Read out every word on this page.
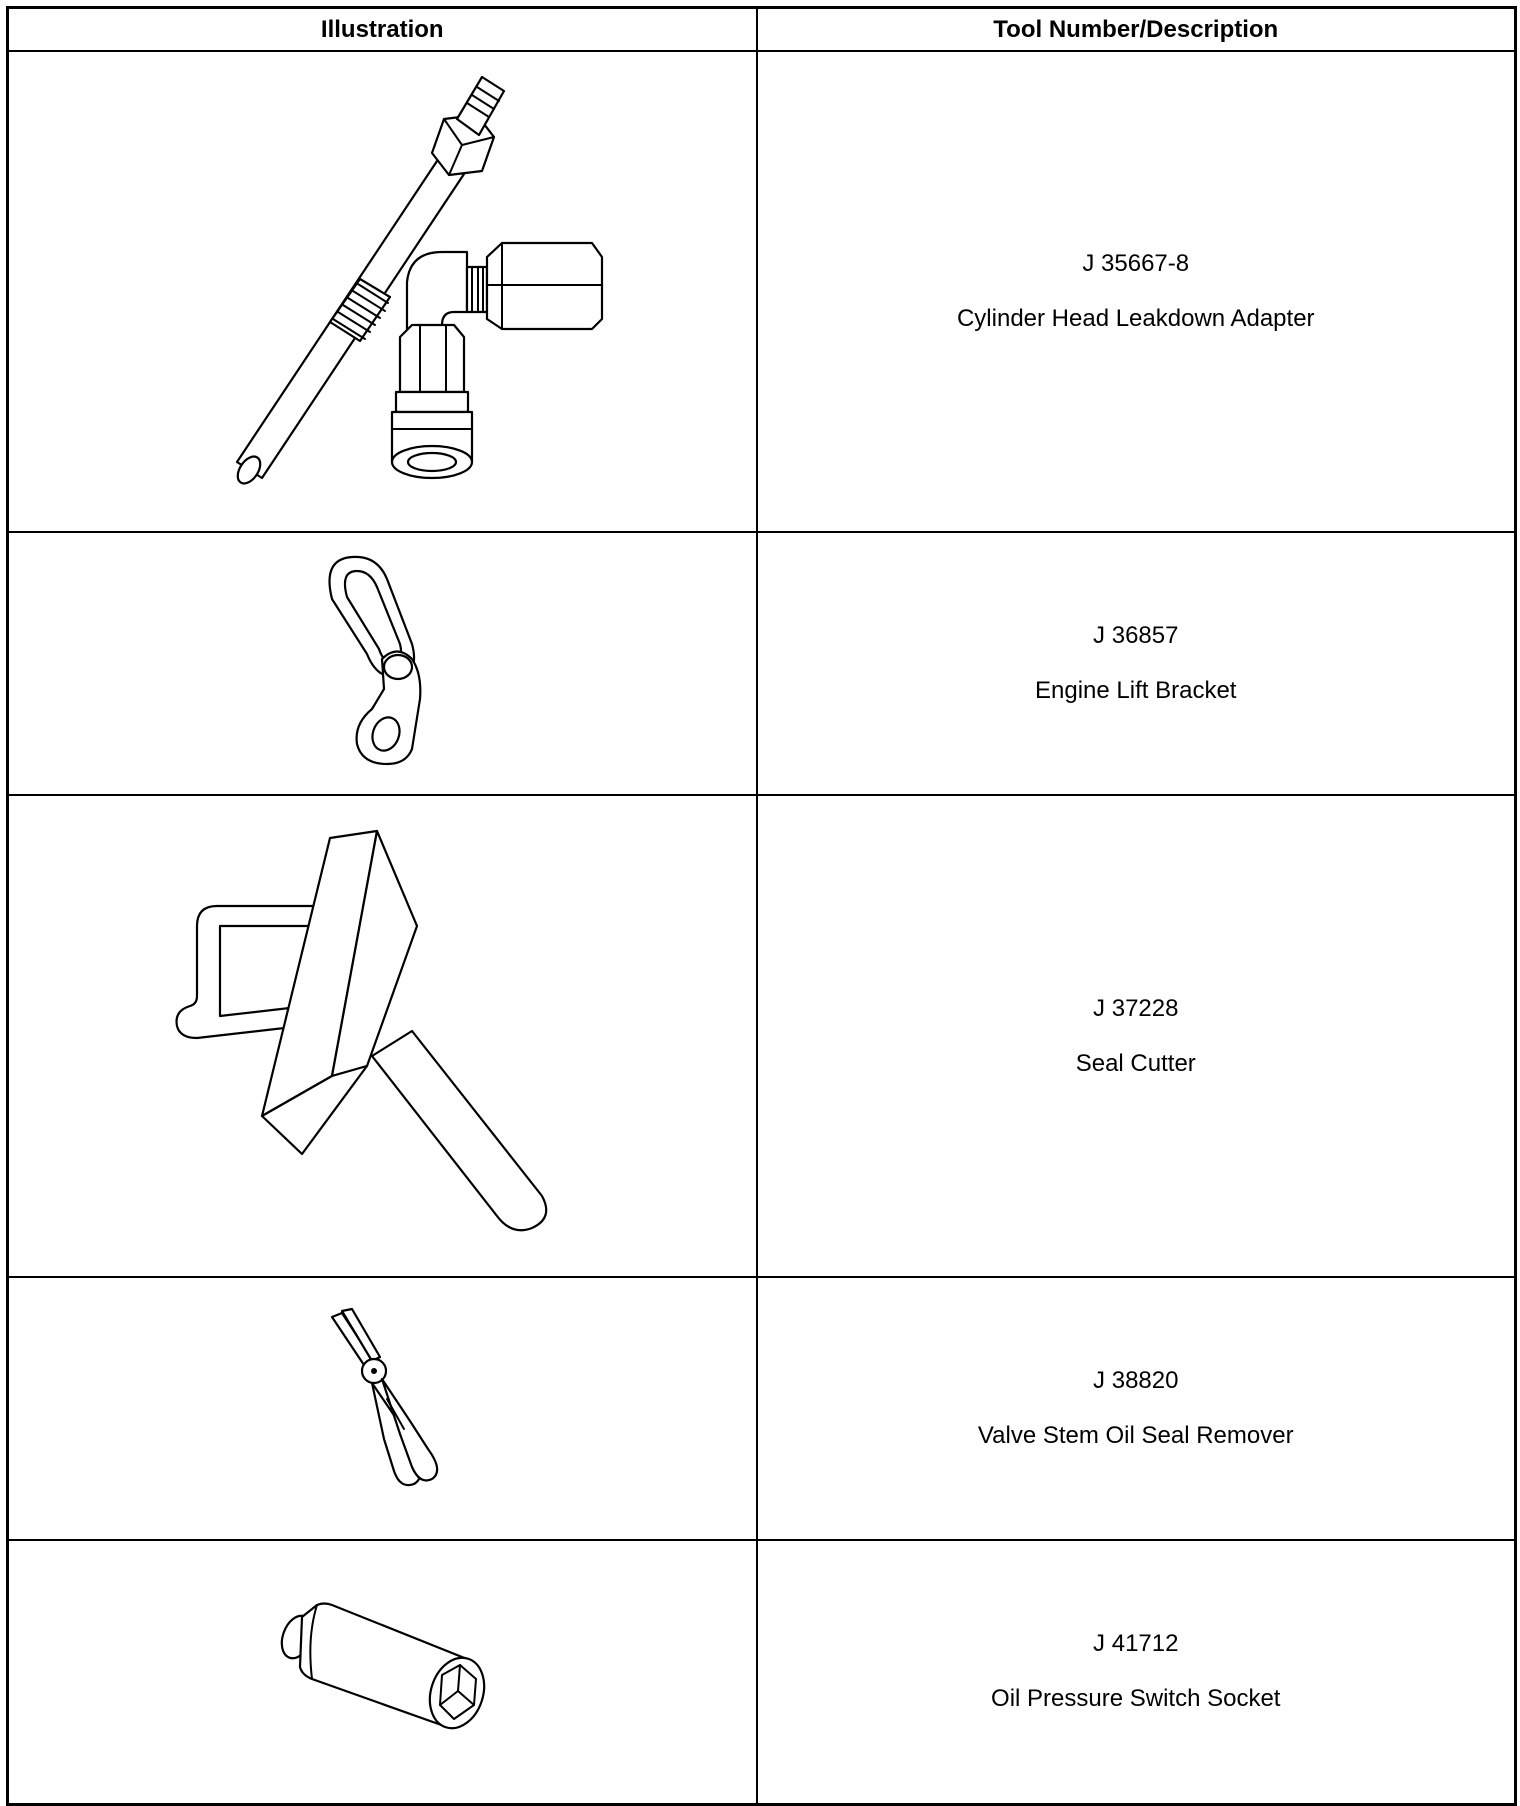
Illustration	Tool Number/Description

J 35667-8
Cylinder Head Leakdown Adapter

J 36857
Engine Lift Bracket

J 37228
Seal Cutter

J 38820
Valve Stem Oil Seal Remover

J 41712
Oil Pressure Switch Socket
